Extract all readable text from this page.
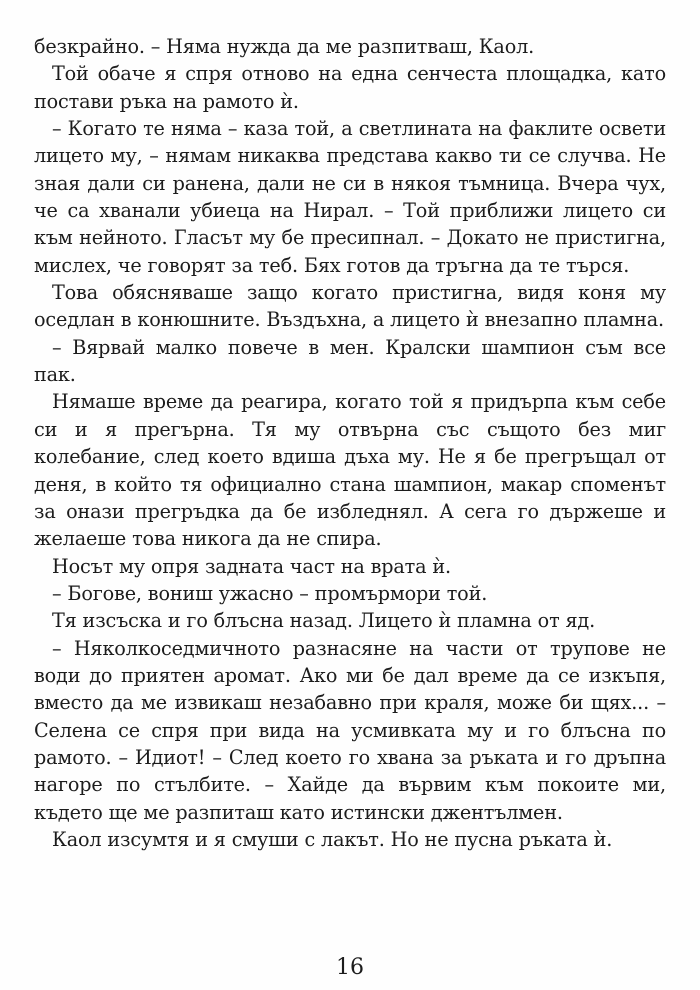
безкрайно. – Няма нужда да ме разпитваш, Каол.

Той обаче я спря отново на една сенчеста площадка, като постави ръка на рамото ѝ.

– Когато те няма – каза той, а светлината на факлите освети лицето му, – нямам никаква представа какво ти се случва. Не зная дали си ранена, дали не си в някоя тъмница. Вчера чух, че са хванали убиеца на Нирал. – Той приближи лицето си към нейното. Гласът му бе пресипнал. – Докато не пристигна, мислех, че говорят за теб. Бях готов да тръгна да те търся.

Това обясняваше защо когато пристигна, видя коня му оседлан в конюшните. Въздъхна, а лицето ѝ внезапно пламна.

– Вярвай малко повече в мен. Кралски шампион съм все пак.

Нямаше време да реагира, когато той я придърпа към себе си и я прегърна. Тя му отвърна със същото без миг колебание, след което вдиша дъха му. Не я бе прегръщал от деня, в който тя официално стана шампион, макар споменът за онази прегръдка да бе избледнял. А сега го държеше и желаеше това никога да не спира.

Носът му опря задната част на врата ѝ.

– Богове, вониш ужасно – промърмори той.

Тя изсъска и го блъсна назад. Лицето ѝ пламна от яд.

– Няколкоседмичното разнасяне на части от трупове не води до приятен аромат. Ако ми бе дал време да се изкъпя, вместо да ме извикаш незабавно при краля, може би щях... – Селена се спря при вида на усмивката му и го блъсна по рамото. – Идиот! – След което го хвана за ръката и го дръпна нагоре по стълбите. – Хайде да вървим към покоите ми, където ще ме разпиташ като истински джентълмен.

Каол изсумтя и я смуши с лакът. Но не пусна ръката ѝ.

16
